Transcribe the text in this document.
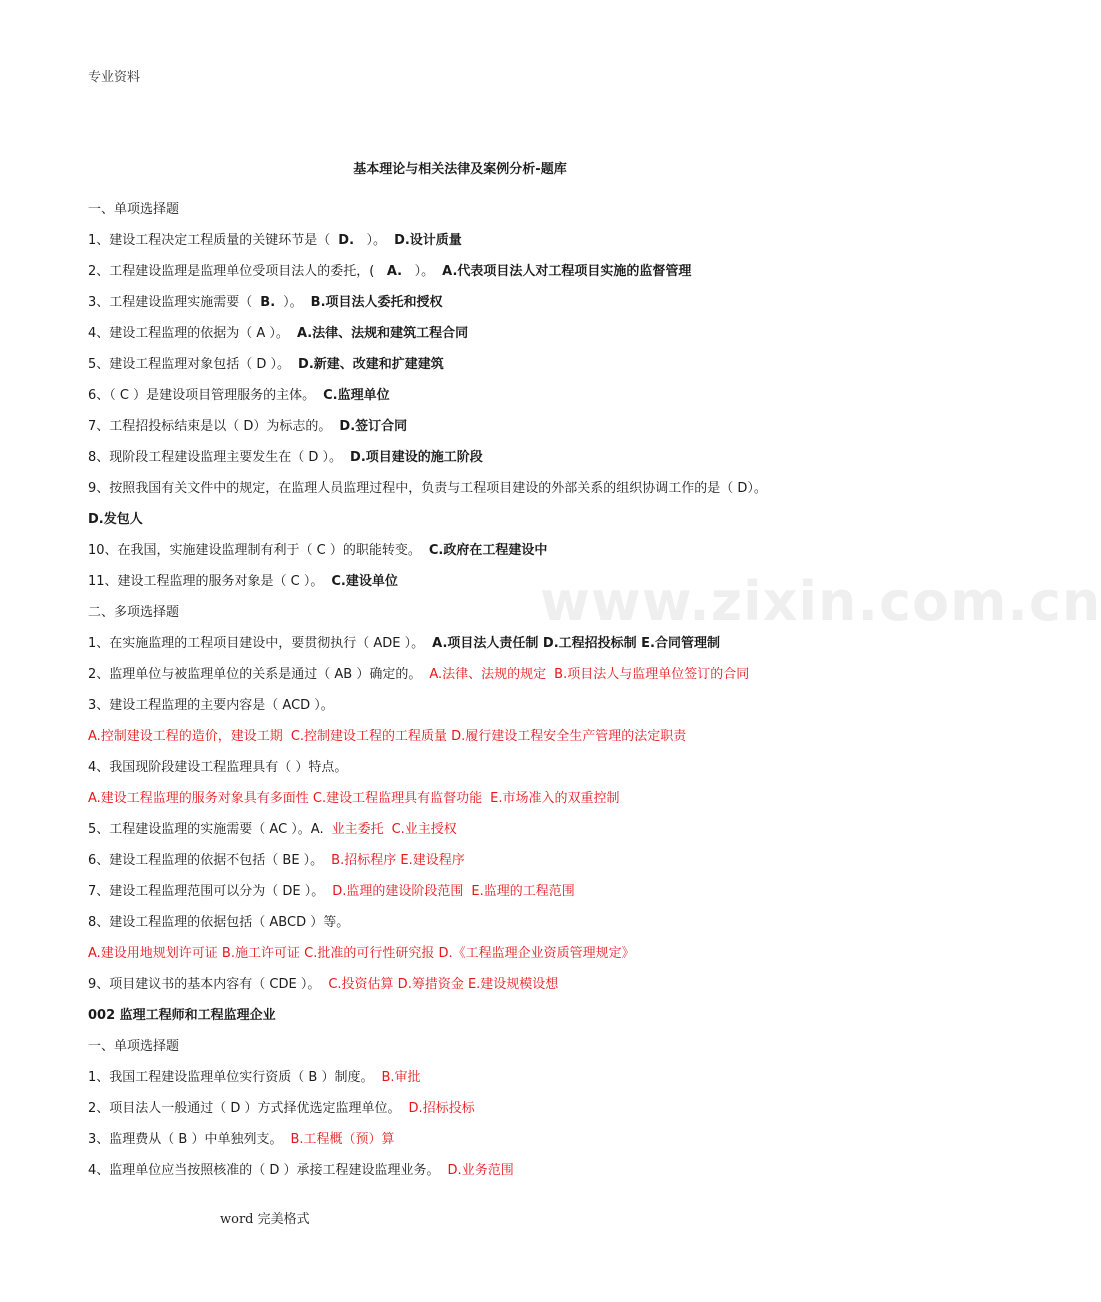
专业资料
www.zixin.com.cn
基本理论与相关法律及案例分析-题库
一、单项选择题
1、建设工程决定工程质量的关键环节是（ D. ）。 D.设计质量
2、工程建设监理是监理单位受项目法人的委托，( A. ）。 A.代表项目法人对工程项目实施的监督管理
3、工程建设监理实施需要（ B. ）。 B.项目法人委托和授权
4、建设工程监理的依据为（ A ）。 A.法律、法规和建筑工程合同
5、建设工程监理对象包括（ D ）。 D.新建、改建和扩建建筑
6、（ C ）是建设项目管理服务的主体。 C.监理单位
7、工程招投标结束是以（ D）为标志的。 D.签订合同
8、现阶段工程建设监理主要发生在（ D ）。 D.项目建设的施工阶段
9、按照我国有关文件中的规定，在监理人员监理过程中，负责与工程项目建设的外部关系的组织协调工作的是（ D）。
D.发包人
10、在我国，实施建设监理制有利于（ C ）的职能转变。 C.政府在工程建设中
11、建设工程监理的服务对象是（ C ）。 C.建设单位
二、多项选择题
1、在实施监理的工程项目建设中，要贯彻执行（ ADE ）。 A.项目法人责任制 D.工程招投标制 E.合同管理制
2、监理单位与被监理单位的关系是通过（ AB ）确定的。 A.法律、法规的规定 B.项目法人与监理单位签订的合同
3、建设工程监理的主要内容是（ ACD ）。
A.控制建设工程的造价，建设工期 C.控制建设工程的工程质量 D.履行建设工程安全生产管理的法定职责
4、我国现阶段建设工程监理具有（ ）特点。
A.建设工程监理的服务对象具有多面性 C.建设工程监理具有监督功能 E.市场准入的双重控制
5、工程建设监理的实施需要（ AC ）。A. 业主委托 C.业主授权
6、建设工程监理的依据不包括（ BE ）。 B.招标程序 E.建设程序
7、建设工程监理范围可以分为（ DE ）。 D.监理的建设阶段范围 E.监理的工程范围
8、建设工程监理的依据包括（ ABCD ）等。
A.建设用地规划许可证 B.施工许可证 C.批准的可行性研究报 D.《工程监理企业资质管理规定》
9、项目建议书的基本内容有（ CDE ）。 C.投资估算 D.筹措资金 E.建设规模设想
002 监理工程师和工程监理企业
一、单项选择题
1、我国工程建设监理单位实行资质（ B ）制度。 B.审批
2、项目法人一般通过（ D ）方式择优选定监理单位。 D.招标投标
3、监理费从（ B ）中单独列支。 B.工程概（预）算
4、监理单位应当按照核准的（ D ）承接工程建设监理业务。 D.业务范围
word 完美格式
